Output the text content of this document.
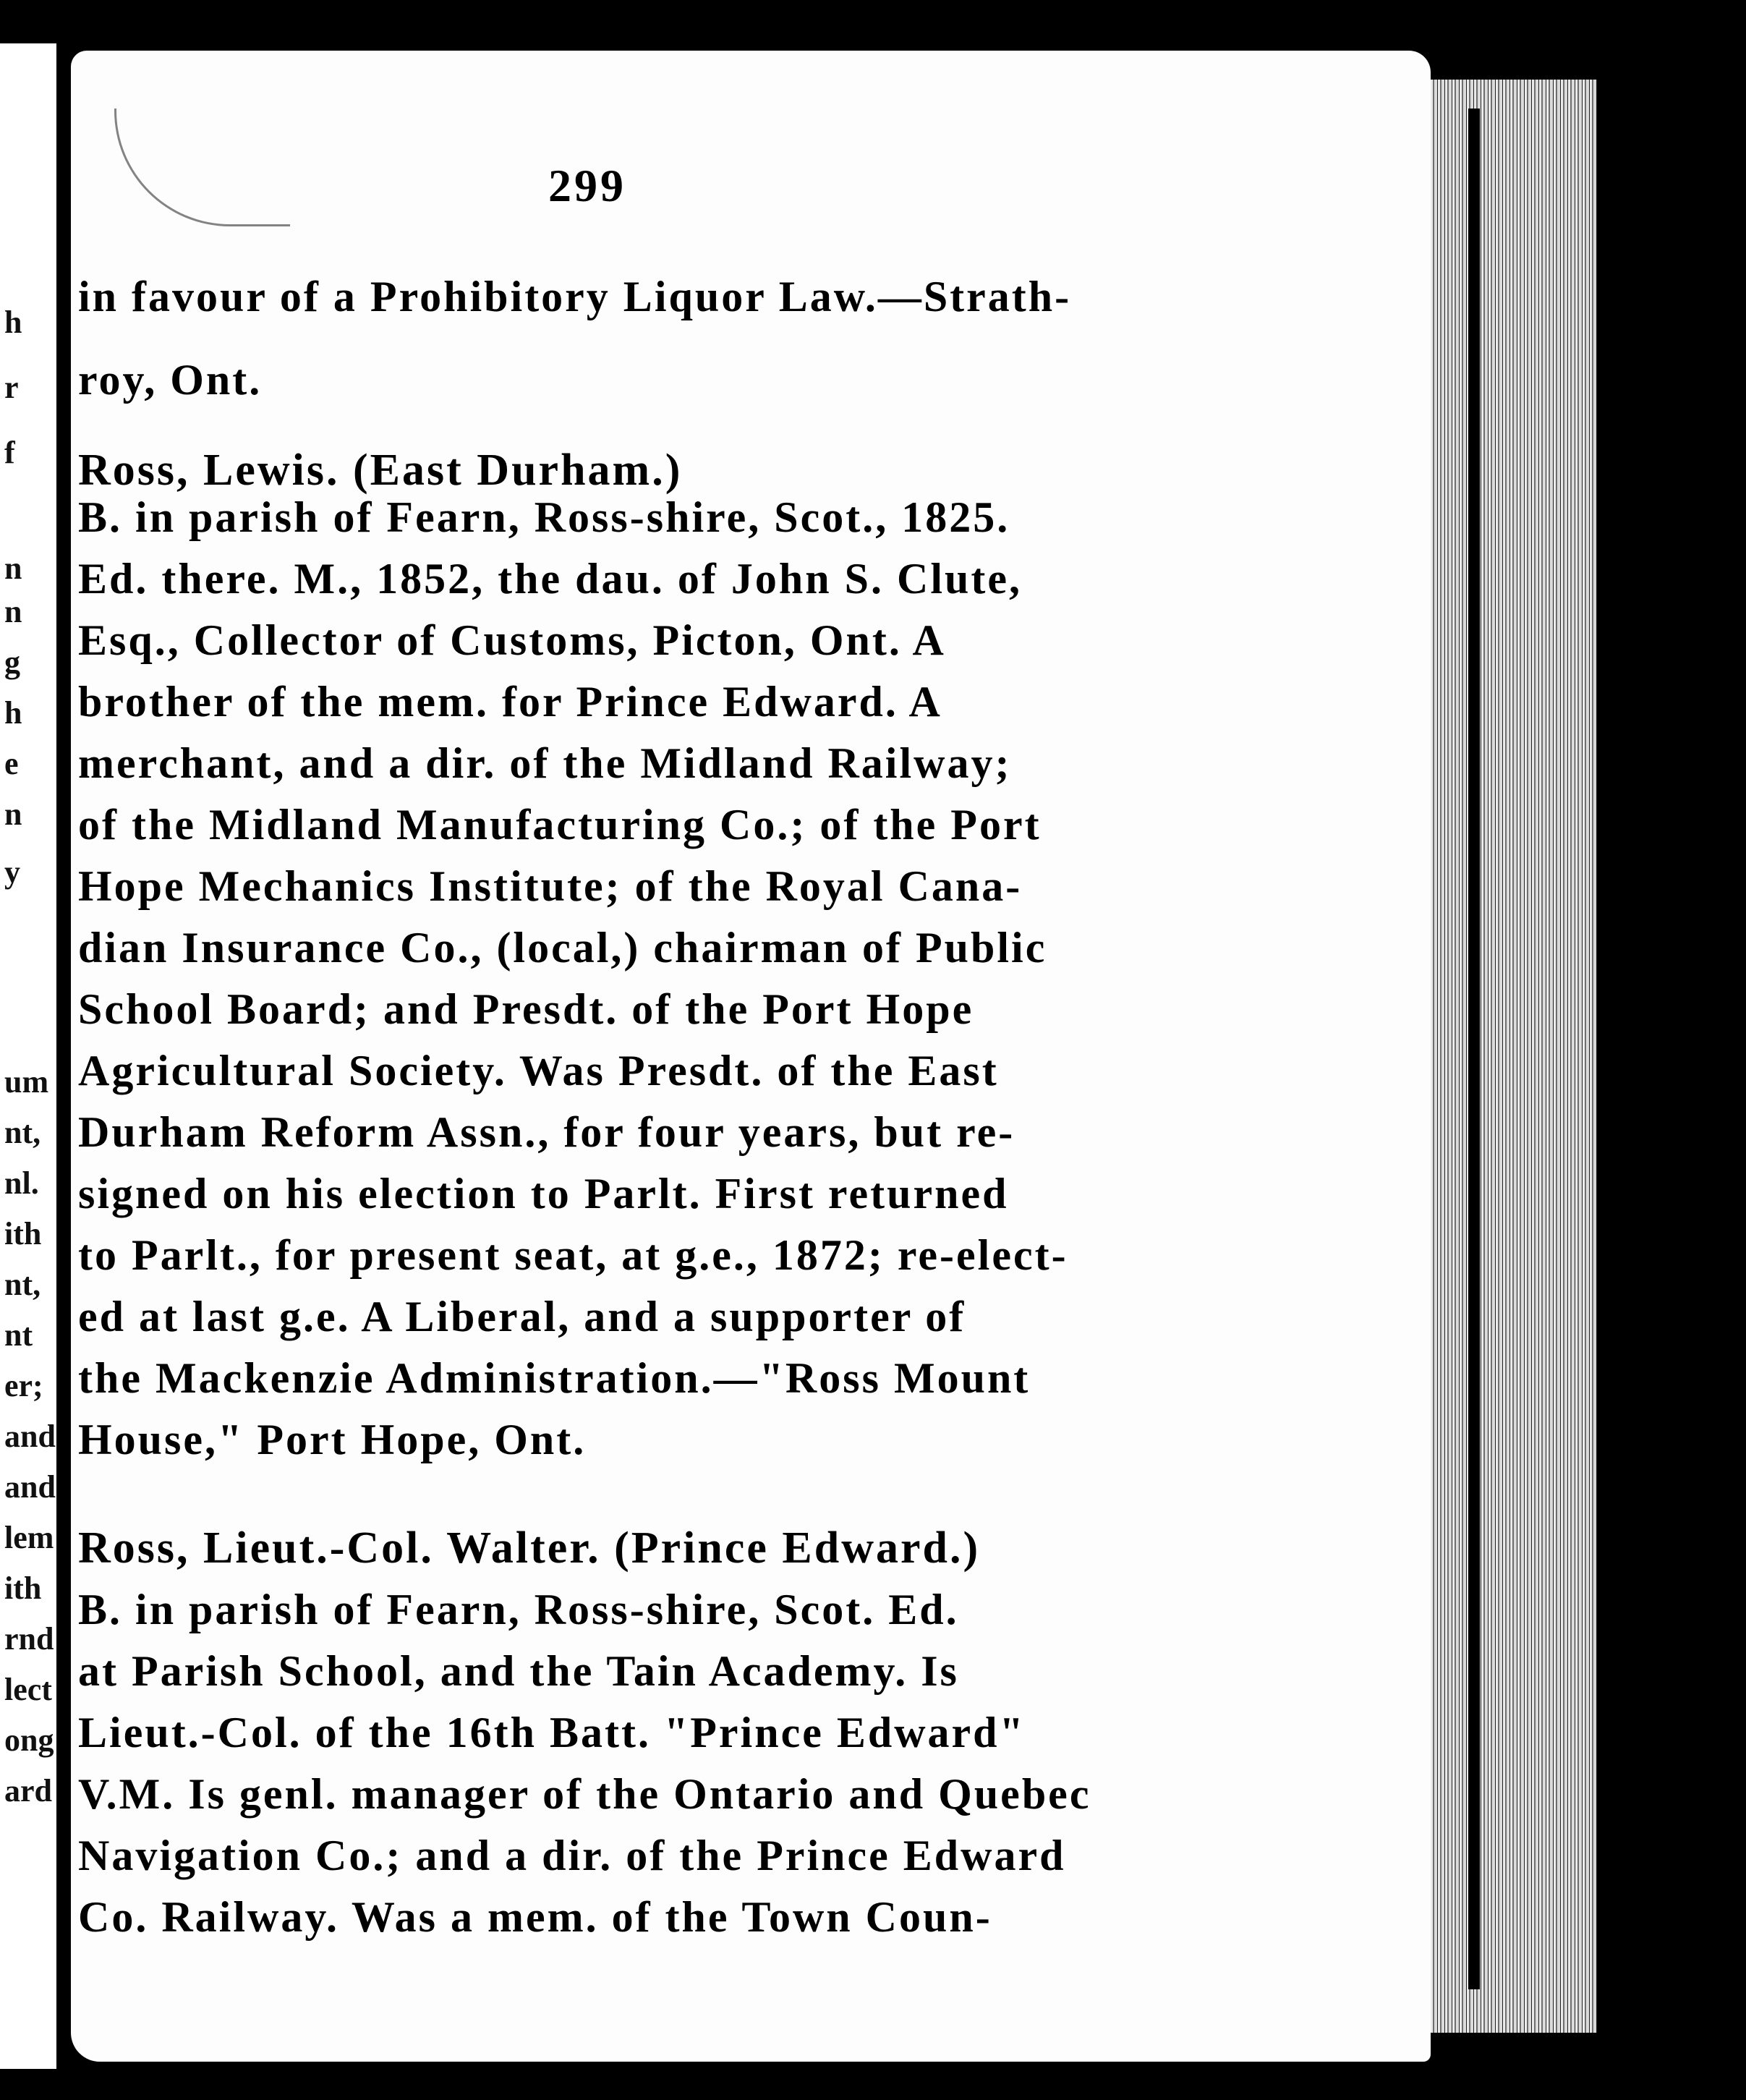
h

r

f

n

n

g

h

e

n

y

um

nt,

nl.

ith

nt,

nt

er;

and

and

lem

ith

rnd

lect

ong

ard

299

in favour of a Prohibitory Liquor Law.—Strath-

roy, Ont.

Ross, Lewis. (East Durham.)

B. in parish of Fearn, Ross-shire, Scot., 1825.

Ed. there. M., 1852, the dau. of John S. Clute,

Esq., Collector of Customs, Picton, Ont. A

brother of the mem. for Prince Edward. A

merchant, and a dir. of the Midland Railway;

of the Midland Manufacturing Co.; of the Port

Hope Mechanics Institute; of the Royal Cana-

dian Insurance Co., (local,) chairman of Public

School Board; and Presdt. of the Port Hope

Agricultural Society. Was Presdt. of the East

Durham Reform Assn., for four years, but re-

signed on his election to Parlt. First returned

to Parlt., for present seat, at g.e., 1872; re-elect-

ed at last g.e. A Liberal, and a supporter of

the Mackenzie Administration.—"Ross Mount

House," Port Hope, Ont.

Ross, Lieut.-Col. Walter. (Prince Edward.)

B. in parish of Fearn, Ross-shire, Scot. Ed.

at Parish School, and the Tain Academy. Is

Lieut.-Col. of the 16th Batt. "Prince Edward"

V.M. Is genl. manager of the Ontario and Quebec

Navigation Co.; and a dir. of the Prince Edward

Co. Railway. Was a mem. of the Town Coun-
